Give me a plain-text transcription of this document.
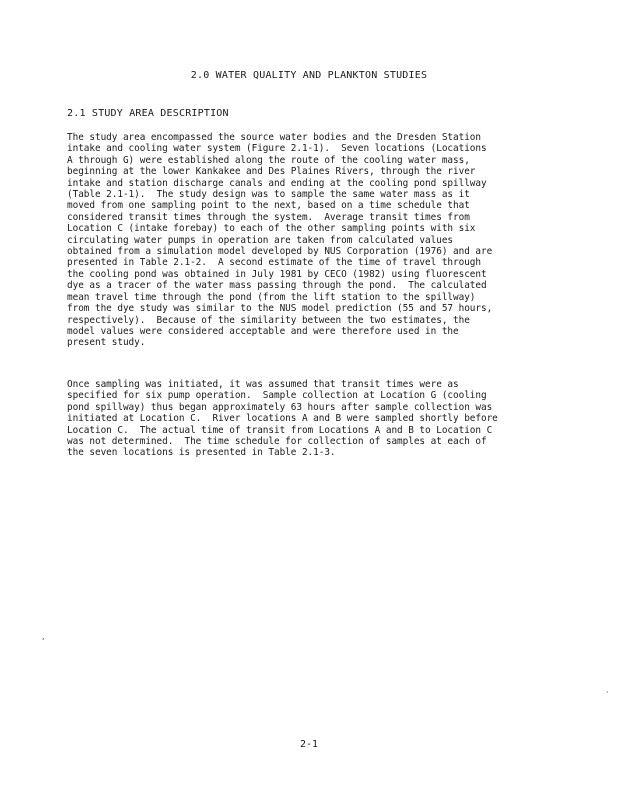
2.0 WATER QUALITY AND PLANKTON STUDIES
2.1 STUDY AREA DESCRIPTION
The study area encompassed the source water bodies and the Dresden Station
intake and cooling water system (Figure 2.1-1).  Seven locations (Locations
A through G) were established along the route of the cooling water mass,
beginning at the lower Kankakee and Des Plaines Rivers, through the river
intake and station discharge canals and ending at the cooling pond spillway
(Table 2.1-1).  The study design was to sample the same water mass as it
moved from one sampling point to the next, based on a time schedule that
considered transit times through the system.  Average transit times from
Location C (intake forebay) to each of the other sampling points with six
circulating water pumps in operation are taken from calculated values
obtained from a simulation model developed by NUS Corporation (1976) and are
presented in Table 2.1-2.  A second estimate of the time of travel through
the cooling pond was obtained in July 1981 by CECO (1982) using fluorescent
dye as a tracer of the water mass passing through the pond.  The calculated
mean travel time through the pond (from the lift station to the spillway)
from the dye study was similar to the NUS model prediction (55 and 57 hours,
respectively).  Because of the similarity between the two estimates, the
model values were considered acceptable and were therefore used in the
present study.
Once sampling was initiated, it was assumed that transit times were as
specified for six pump operation.  Sample collection at Location G (cooling
pond spillway) thus began approximately 63 hours after sample collection was
initiated at Location C.  River locations A and B were sampled shortly before
Location C.  The actual time of transit from Locations A and B to Location C
was not determined.  The time schedule for collection of samples at each of
the seven locations is presented in Table 2.1-3.
2-1
,
·
